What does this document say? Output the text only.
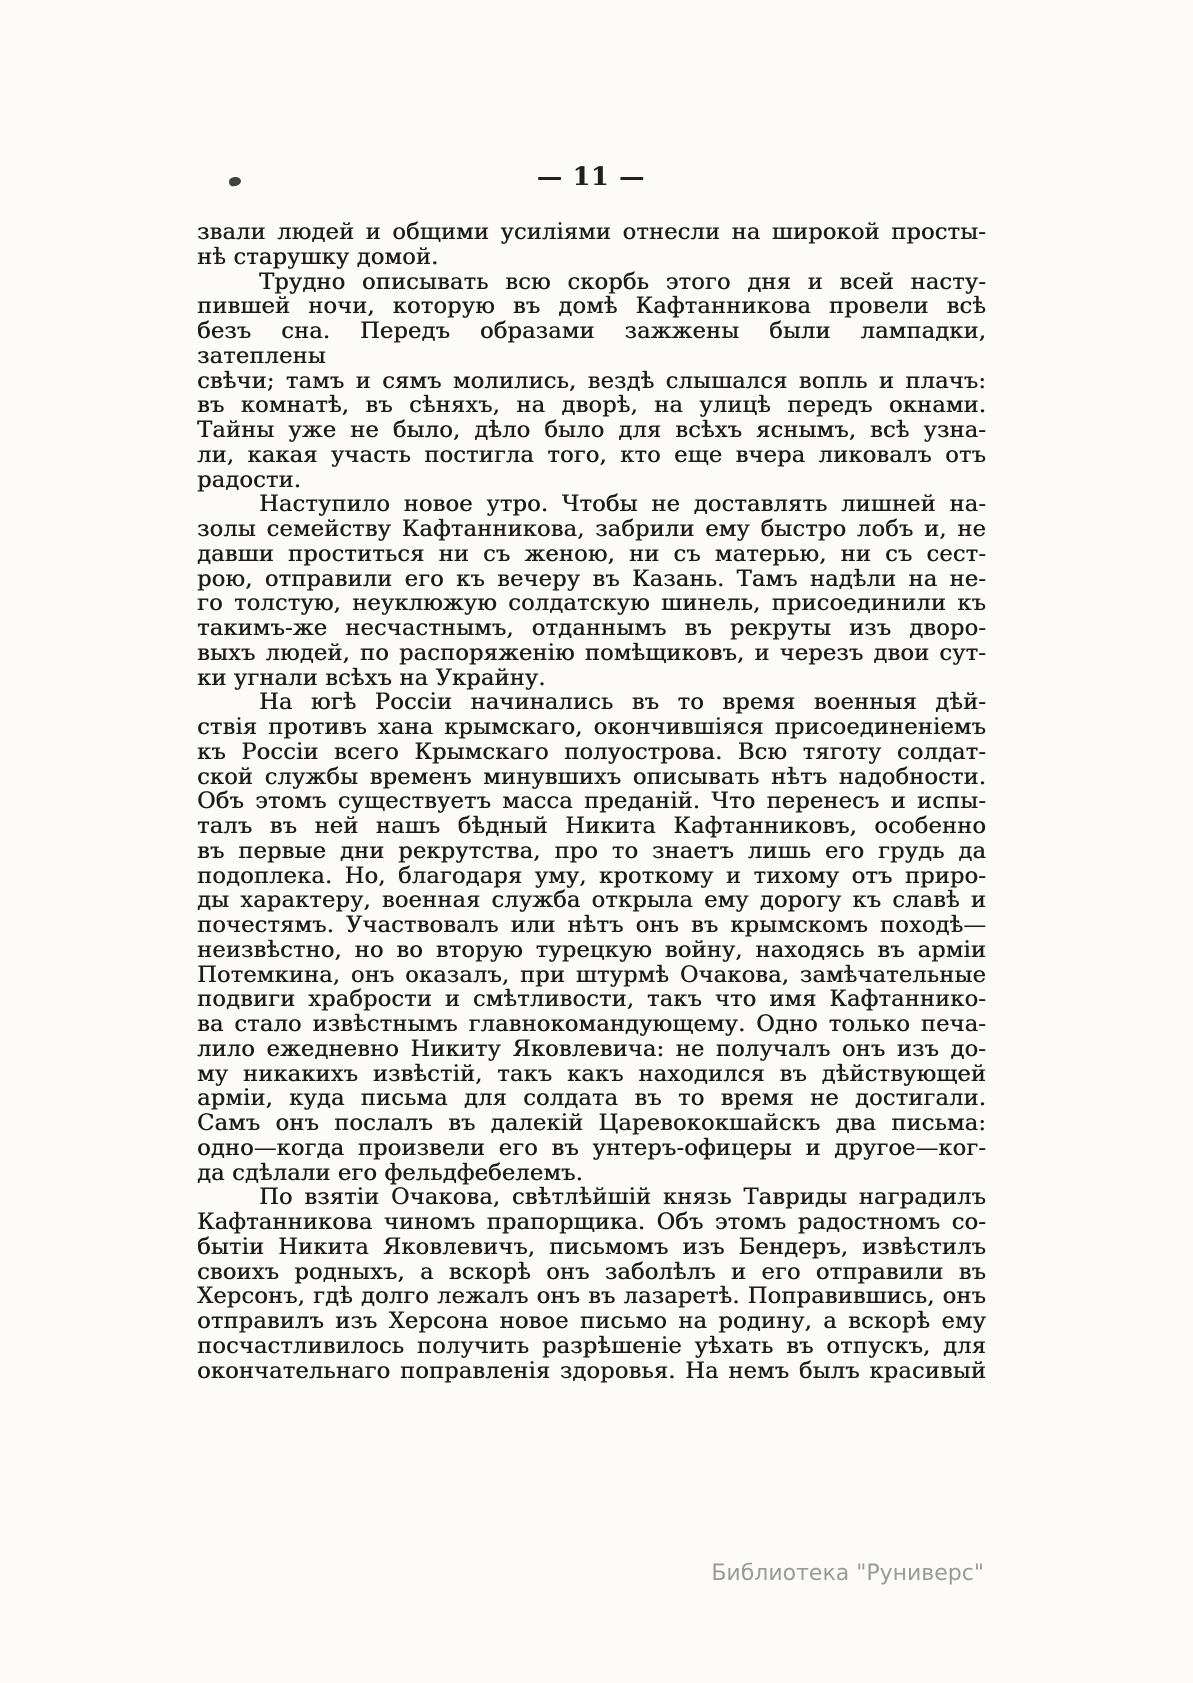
— 11 —

звали людей и общими усиліями отнесли на широкой просты-
нѣ старушку домой.

Трудно описывать всю скорбь этого дня и всей насту-
пившей ночи, которую въ домѣ Кафтанникова провели всѣ
безъ сна. Передъ образами зажжены были лампадки, затеплены
свѣчи; тамъ и сямъ молились, вездѣ слышался вопль и плачъ:
въ комнатѣ, въ сѣняхъ, на дворѣ, на улицѣ передъ окнами.
Тайны уже не было, дѣло было для всѣхъ яснымъ, всѣ узна-
ли, какая участь постигла того, кто еще вчера ликовалъ отъ
радости.

Наступило новое утро. Чтобы не доставлять лишней на-
золы семейству Кафтанникова, забрили ему быстро лобъ и, не
давши проститься ни съ женою, ни съ матерью, ни съ сест-
рою, отправили его къ вечеру въ Казань. Тамъ надѣли на не-
го толстую, неуклюжую солдатскую шинель, присоединили къ
такимъ-же несчастнымъ, отданнымъ въ рекруты изъ дворо-
выхъ людей, по распоряженію помѣщиковъ, и черезъ двои сут-
ки угнали всѣхъ на Украйну.

На югѣ Россіи начинались въ то время военныя дѣй-
ствія противъ хана крымскаго, окончившіяся присоединеніемъ
къ Россіи всего Крымскаго полуострова. Всю тяготу солдат-
ской службы временъ минувшихъ описывать нѣтъ надобности.
Объ этомъ существуетъ масса преданій. Что перенесъ и испы-
талъ въ ней нашъ бѣдный Никита Кафтанниковъ, особенно
въ первые дни рекрутства, про то знаетъ лишь его грудь да
подоплека. Но, благодаря уму, кроткому и тихому отъ приро-
ды характеру, военная служба открыла ему дорогу къ славѣ и
почестямъ. Участвовалъ или нѣтъ онъ въ крымскомъ походѣ—
неизвѣстно, но во вторую турецкую войну, находясь въ арміи
Потемкина, онъ оказалъ, при штурмѣ Очакова, замѣчательные
подвиги храбрости и смѣтливости, такъ что имя Кафтаннико-
ва стало извѣстнымъ главнокомандующему. Одно только печа-
лило ежедневно Никиту Яковлевича: не получалъ онъ изъ до-
му никакихъ извѣстій, такъ какъ находился въ дѣйствующей
арміи, куда письма для солдата въ то время не достигали.
Самъ онъ послалъ въ далекій Царевококшайскъ два письма:
одно—когда произвели его въ унтеръ-офицеры и другое—ког-
да сдѣлали его фельдфебелемъ.

По взятіи Очакова, свѣтлѣйшій князь Тавриды наградилъ
Кафтанникова чиномъ прапорщика. Объ этомъ радостномъ со-
бытіи Никита Яковлевичъ, письмомъ изъ Бендеръ, извѣстилъ
своихъ родныхъ, а вскорѣ онъ заболѣлъ и его отправили въ
Херсонъ, гдѣ долго лежалъ онъ въ лазаретѣ. Поправившись, онъ
отправилъ изъ Херсона новое письмо на родину, а вскорѣ ему
посчастливилось получить разрѣшеніе уѣхать въ отпускъ, для
окончательнаго поправленія здоровья. На немъ былъ красивый

Библиотека "Руниверс"
